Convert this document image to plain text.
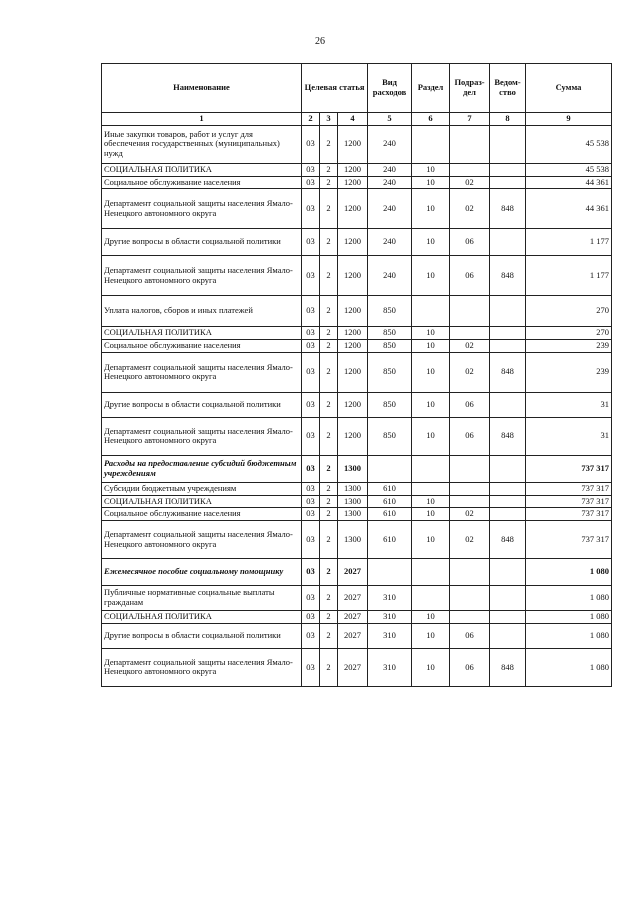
26
Наименование	Целевая статья			Вид расходов	Раздел	Подраз-дел	Ведом-ство	Сумма
1	2	3	4	5	6	7	8	9
Иные закупки товаров, работ и услуг для обеспечения государственных (муниципальных) нужд	03	2	1200	240				45 538
СОЦИАЛЬНАЯ ПОЛИТИКА	03	2	1200	240	10			45 538
Социальное обслуживание населения	03	2	1200	240	10	02		44 361
Департамент социальной защиты населения Ямало-Ненецкого автономного округа	03	2	1200	240	10	02	848	44 361
Другие вопросы в области социальной политики	03	2	1200	240	10	06		1 177
Департамент социальной защиты населения Ямало-Ненецкого автономного округа	03	2	1200	240	10	06	848	1 177
Уплата налогов, сборов и иных платежей	03	2	1200	850				270
СОЦИАЛЬНАЯ ПОЛИТИКА	03	2	1200	850	10			270
Социальное обслуживание населения	03	2	1200	850	10	02		239
Департамент социальной защиты населения Ямало-Ненецкого автономного округа	03	2	1200	850	10	02	848	239
Другие вопросы в области социальной политики	03	2	1200	850	10	06		31
Департамент социальной защиты населения Ямало-Ненецкого автономного округа	03	2	1200	850	10	06	848	31
Расходы на предоставление субсидий бюджетным учреждениям	03	2	1300					737 317
Субсидии бюджетным учреждениям	03	2	1300	610				737 317
СОЦИАЛЬНАЯ ПОЛИТИКА	03	2	1300	610	10			737 317
Социальное обслуживание населения	03	2	1300	610	10	02		737 317
Департамент социальной защиты населения Ямало-Ненецкого автономного округа	03	2	1300	610	10	02	848	737 317
Ежемесячное пособие социальному помощнику	03	2	2027					1 080
Публичные нормативные социальные выплаты гражданам	03	2	2027	310				1 080
СОЦИАЛЬНАЯ ПОЛИТИКА	03	2	2027	310	10			1 080
Другие вопросы в области социальной политики	03	2	2027	310	10	06		1 080
Департамент социальной защиты населения Ямало-Ненецкого автономного округа	03	2	2027	310	10	06	848	1 080
